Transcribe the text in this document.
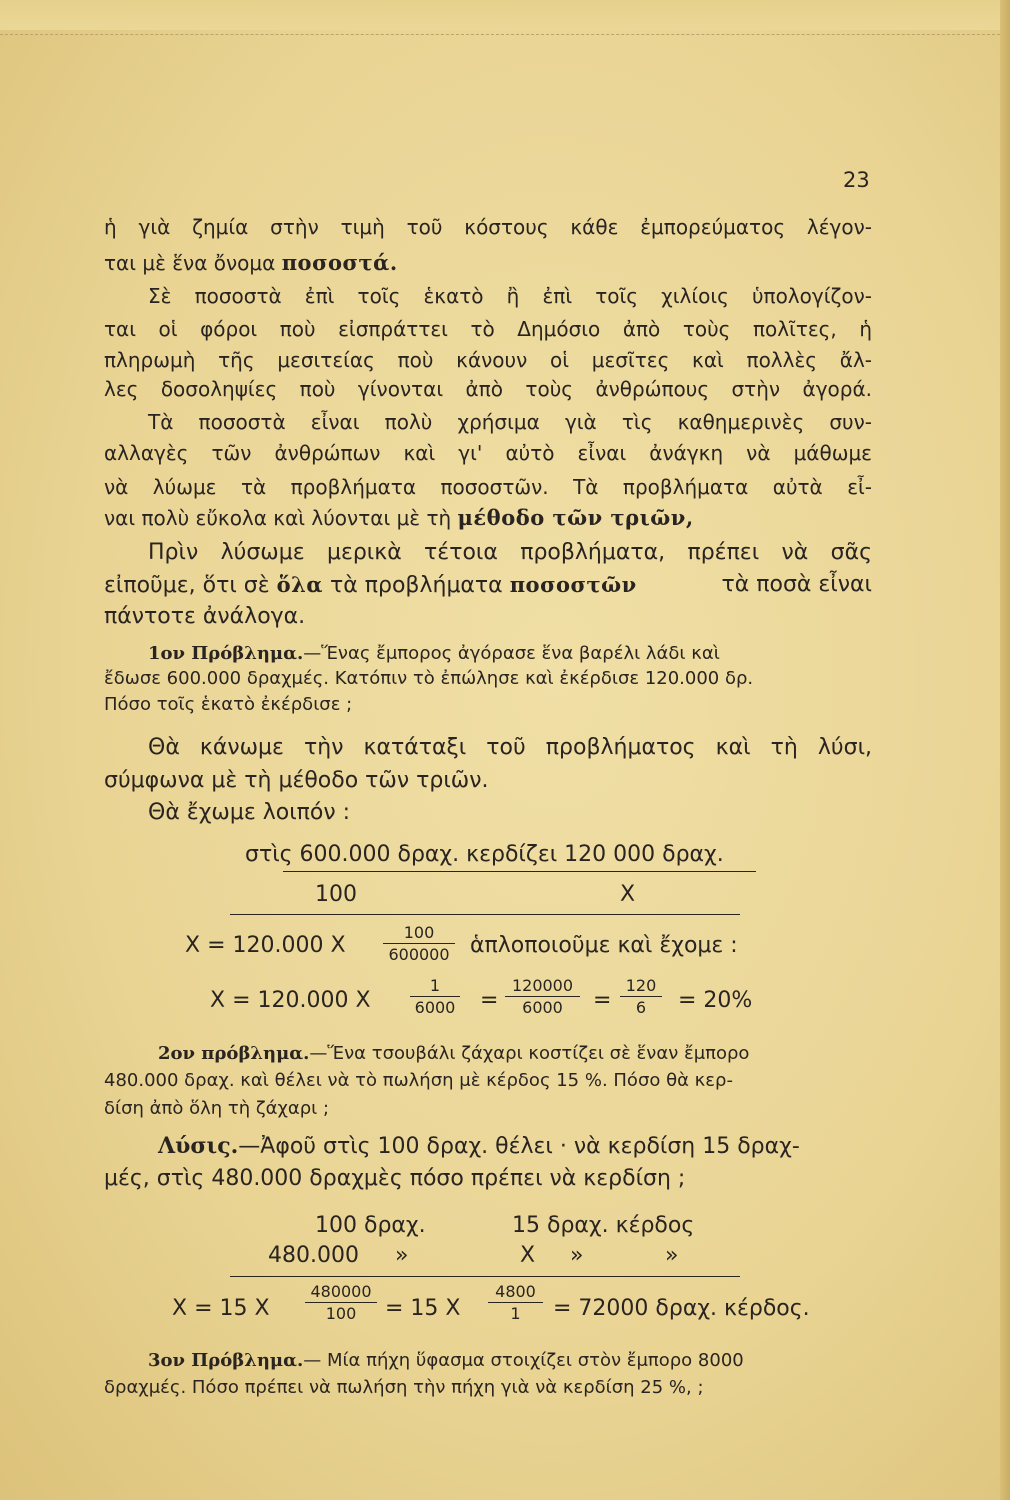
23
ἡ γιὰ ζημία στὴν τιμὴ τοῦ κόστους κάθε ἐμπορεύματος λέγον-
ται μὲ ἕνα ὄνομα ποσοστά.
Σὲ ποσοστὰ ἐπὶ τοῖς ἑκατὸ ἢ ἐπὶ τοῖς χιλίοις ὑπολογίζον-
ται οἱ φόροι ποὺ εἰσπράττει τὸ Δημόσιο ἀπὸ τοὺς πολῖτες, ἡ
πληρωμὴ τῆς μεσιτείας ποὺ κάνουν οἱ μεσῖτες καὶ πολλὲς ἄλ-
λες δοσοληψίες ποὺ γίνονται ἀπὸ τοὺς ἀνθρώπους στὴν ἀγορά.
Τὰ ποσοστὰ εἶναι πολὺ χρήσιμα γιὰ τὶς καθημερινὲς συν-
αλλαγὲς τῶν ἀνθρώπων καὶ γι' αὐτὸ εἶναι ἀνάγκη νὰ μάθωμε
νὰ λύωμε τὰ προβλήματα ποσοστῶν. Τὰ προβλήματα αὐτὰ εἶ-
ναι πολὺ εὔκολα καὶ λύονται μὲ τὴ μέθοδο τῶν τριῶν,
Πρὶν λύσωμε μερικὰ τέτοια προβλήματα, πρέπει νὰ σᾶς
εἰποῦμε, ὅτι σὲ ὅλα τὰ προβλήματα ποσοστῶν	τὰ ποσὰ εἶναι
πάντοτε ἀνάλογα.
1ον Πρόβλημα.—Ἕνας ἔμπορος ἀγόρασε ἕνα βαρέλι λάδι καὶ
ἔδωσε 600.000 δραχμές. Κατόπιν τὸ ἐπώλησε καὶ ἐκέρδισε 120.000 δρ.
Πόσο τοῖς ἑκατὸ ἐκέρδισε ;
Θὰ κάνωμε τὴν κατάταξι τοῦ προβλήματος καὶ τὴ λύσι,
σύμφωνα μὲ τὴ μέθοδο τῶν τριῶν.
Θὰ ἔχωμε λοιπόν :
στὶς 600.000 δραχ. κερδίζει 120 000 δραχ.
100	Χ
Χ = 120.000 Χ
100
600000 ἁπλοποιοῦμε καὶ ἔχομε :
Χ = 120.000 Χ
1
6000 =
120000
6000	=
120
6	= 20%
2ον πρόβλημα.—Ἕνα τσουβάλι ζάχαρι κοστίζει σὲ ἕναν ἔμπορο
480.000 δραχ. καὶ θέλει νὰ τὸ πωλήση μὲ κέρδος 15 %. Πόσο θὰ κερ-
δίση ἀπὸ ὅλη τὴ ζάχαρι ;
Λύσις.—Ἀφοῦ στὶς 100 δραχ. θέλει · νὰ κερδίση 15 δραχ-
μές, στὶς 480.000 δραχμὲς πόσο πρέπει νὰ κερδίση ;
100 δραχ.	15 δραχ. κέρδος
480.000 »	Χ »	»
Χ = 15 Χ
480000
100	= 15 Χ
4800
1	= 72000 δραχ. κέρδος.
3ον Πρόβλημα.— Μία πήχη ὕφασμα στοιχίζει στὸν ἔμπορο 8000
δραχμές. Πόσο πρέπει νὰ πωλήση τὴν πήχη γιὰ νὰ κερδίση 25 %, ;
